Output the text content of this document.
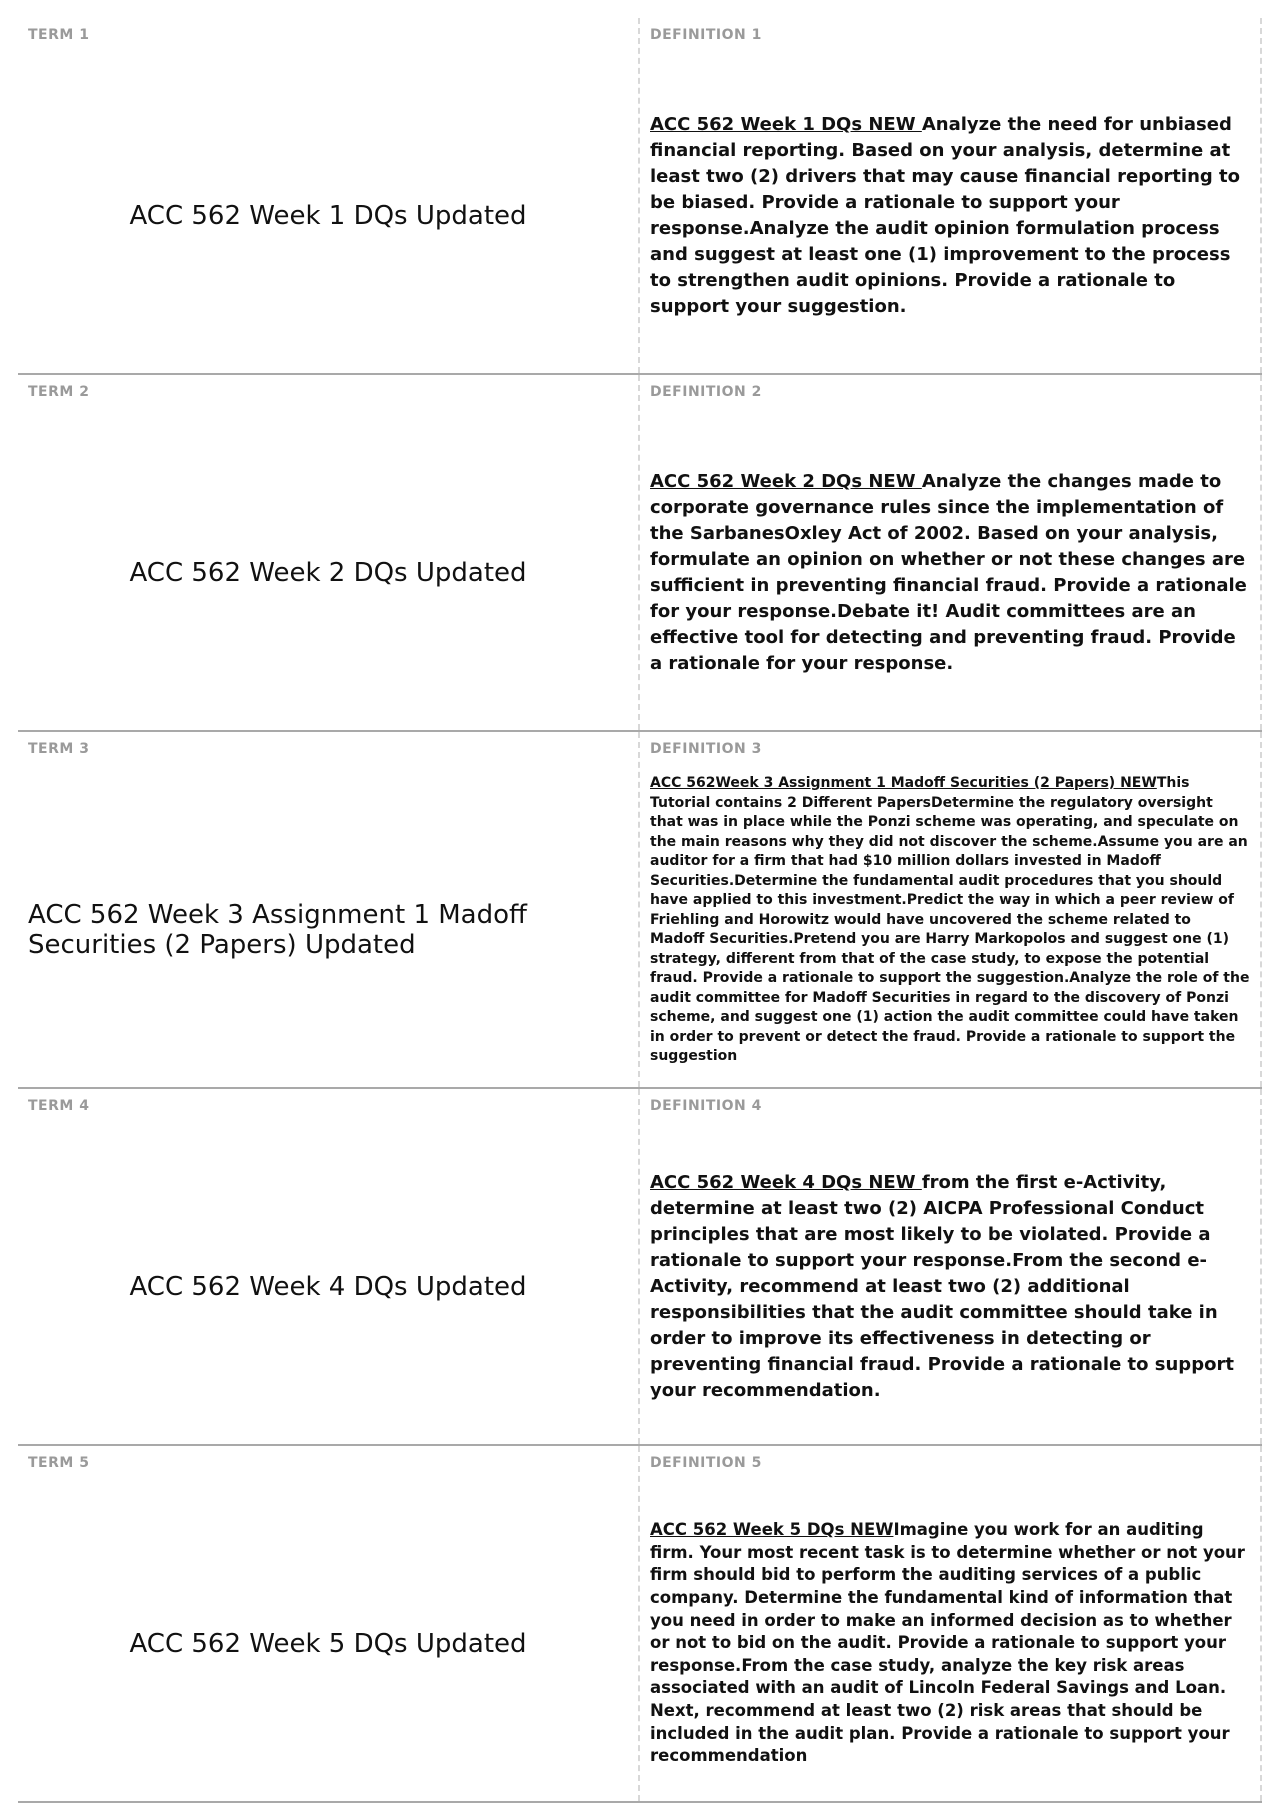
TERM 1
ACC 562 Week 1 DQs Updated
DEFINITION 1
ACC 562 Week 1 DQs NEW Analyze the need for unbiased financial reporting. Based on your analysis, determine at least two (2) drivers that may cause financial reporting to be biased. Provide a rationale to support your response.Analyze the audit opinion formulation process and suggest at least one (1) improvement to the process to strengthen audit opinions. Provide a rationale to support your suggestion.
TERM 2
ACC 562 Week 2 DQs Updated
DEFINITION 2
ACC 562 Week 2 DQs NEW Analyze the changes made to corporate governance rules since the implementation of the SarbanesOxley Act of 2002. Based on your analysis, formulate an opinion on whether or not these changes are sufficient in preventing financial fraud. Provide a rationale for your response.Debate it! Audit committees are an effective tool for detecting and preventing fraud. Provide a rationale for your response.
TERM 3
ACC 562 Week 3 Assignment 1 Madoff Securities (2 Papers) Updated
DEFINITION 3
ACC 562Week 3 Assignment 1 Madoff Securities (2 Papers) NEWThis Tutorial contains 2 Different PapersDetermine the regulatory oversight that was in place while the Ponzi scheme was operating, and speculate on the main reasons why they did not discover the scheme.Assume you are an auditor for a firm that had $10 million dollars invested in Madoff Securities.Determine the fundamental audit procedures that you should have applied to this investment.Predict the way in which a peer review of Friehling and Horowitz would have uncovered the scheme related to Madoff Securities.Pretend you are Harry Markopolos and suggest one (1) strategy, different from that of the case study, to expose the potential fraud. Provide a rationale to support the suggestion.Analyze the role of the audit committee for Madoff Securities in regard to the discovery of Ponzi scheme, and suggest one (1) action the audit committee could have taken in order to prevent or detect the fraud. Provide a rationale to support the suggestion
TERM 4
ACC 562 Week 4 DQs Updated
DEFINITION 4
ACC 562 Week 4 DQs NEW from the first e-Activity, determine at least two (2) AICPA Professional Conduct principles that are most likely to be violated. Provide a rationale to support your response.From the second e-Activity, recommend at least two (2) additional responsibilities that the audit committee should take in order to improve its effectiveness in detecting or preventing financial fraud. Provide a rationale to support your recommendation.
TERM 5
ACC 562 Week 5 DQs Updated
DEFINITION 5
ACC 562 Week 5 DQs NEWImagine you work for an auditing firm. Your most recent task is to determine whether or not your firm should bid to perform the auditing services of a public company. Determine the fundamental kind of information that you need in order to make an informed decision as to whether or not to bid on the audit. Provide a rationale to support your response.From the case study, analyze the key risk areas associated with an audit of Lincoln Federal Savings and Loan. Next, recommend at least two (2) risk areas that should be included in the audit plan. Provide a rationale to support your recommendation
